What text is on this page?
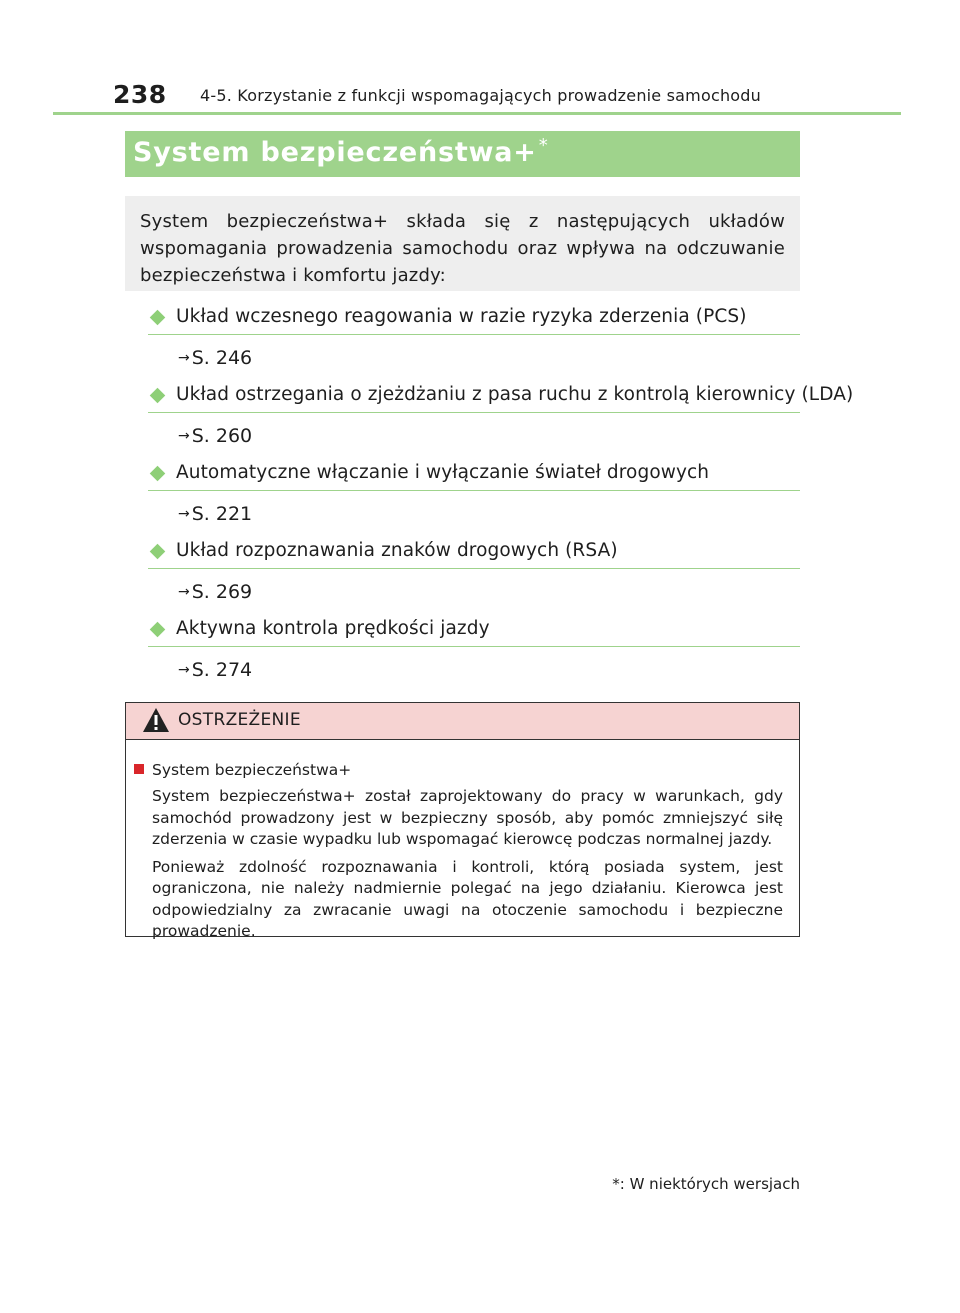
238 4-5. Korzystanie z funkcji wspomagających prowadzenie samochodu
System bezpieczeństwa+ *
System bezpieczeństwa+ składa się z następujących układów wspomagania prowadzenia samochodu oraz wpływa na odczuwanie bezpieczeństwa i komfortu jazdy:
Układ wczesnego reagowania w razie ryzyka zderzenia (PCS)
→ S. 246
Układ ostrzegania o zjeżdżaniu z pasa ruchu z kontrolą kierownicy (LDA)
→ S. 260
Automatyczne włączanie i wyłączanie świateł drogowych
→ S. 221
Układ rozpoznawania znaków drogowych (RSA)
→ S. 269
Aktywna kontrola prędkości jazdy
→ S. 274
OSTRZEŻENIE
System bezpieczeństwa+

System bezpieczeństwa+ został zaprojektowany do pracy w warunkach, gdy samochód prowadzony jest w bezpieczny sposób, aby pomóc zmniejszyć siłę zderzenia w czasie wypadku lub wspomagać kierowcę podczas normalnej jazdy.

Ponieważ zdolność rozpoznawania i kontroli, którą posiada system, jest ograniczona, nie należy nadmiernie polegać na jego działaniu. Kierowca jest odpowiedzialny za zwracanie uwagi na otoczenie samochodu i bezpieczne prowadzenie.

*: W niektórych wersjach
